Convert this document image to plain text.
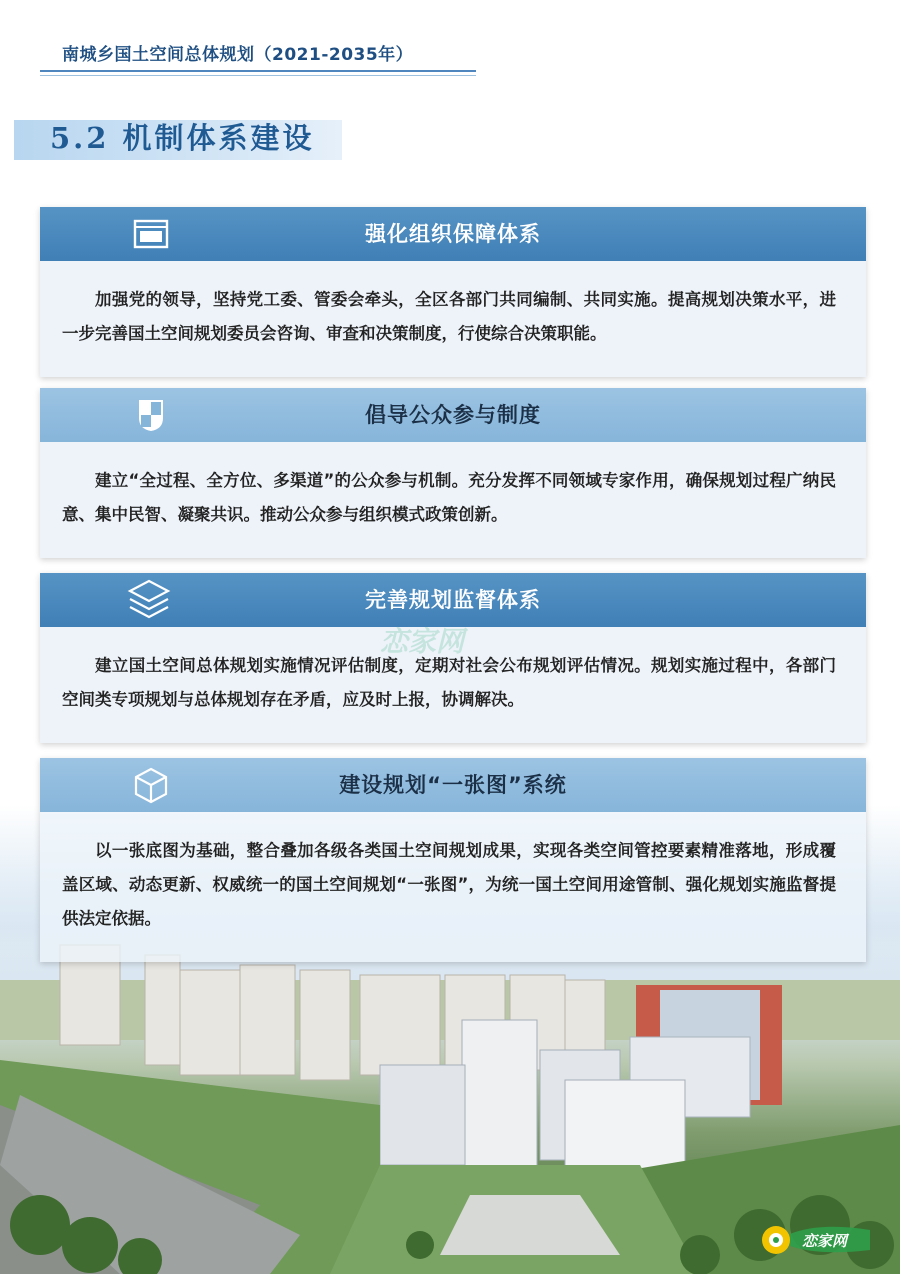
南城乡国土空间总体规划（2021-2035年）
5.2 机制体系建设
强化组织保障体系
加强党的领导，坚持党工委、管委会牵头，全区各部门共同编制、共同实施。提高规划决策水平，进一步完善国土空间规划委员会咨询、审查和决策制度，行使综合决策职能。
倡导公众参与制度
建立“全过程、全方位、多渠道”的公众参与机制。充分发挥不同领域专家作用，确保规划过程广纳民意、集中民智、凝聚共识。推动公众参与组织模式政策创新。
完善规划监督体系
建立国土空间总体规划实施情况评估制度，定期对社会公布规划评估情况。规划实施过程中，各部门空间类专项规划与总体规划存在矛盾，应及时上报，协调解决。
建设规划“一张图”系统
以一张底图为基础，整合叠加各级各类国土空间规划成果，实现各类空间管控要素精准落地，形成覆盖区域、动态更新、权威统一的国土空间规划“一张图”，为统一国土空间用途管制、强化规划实施监督提供法定依据。
恋家网
恋家网
